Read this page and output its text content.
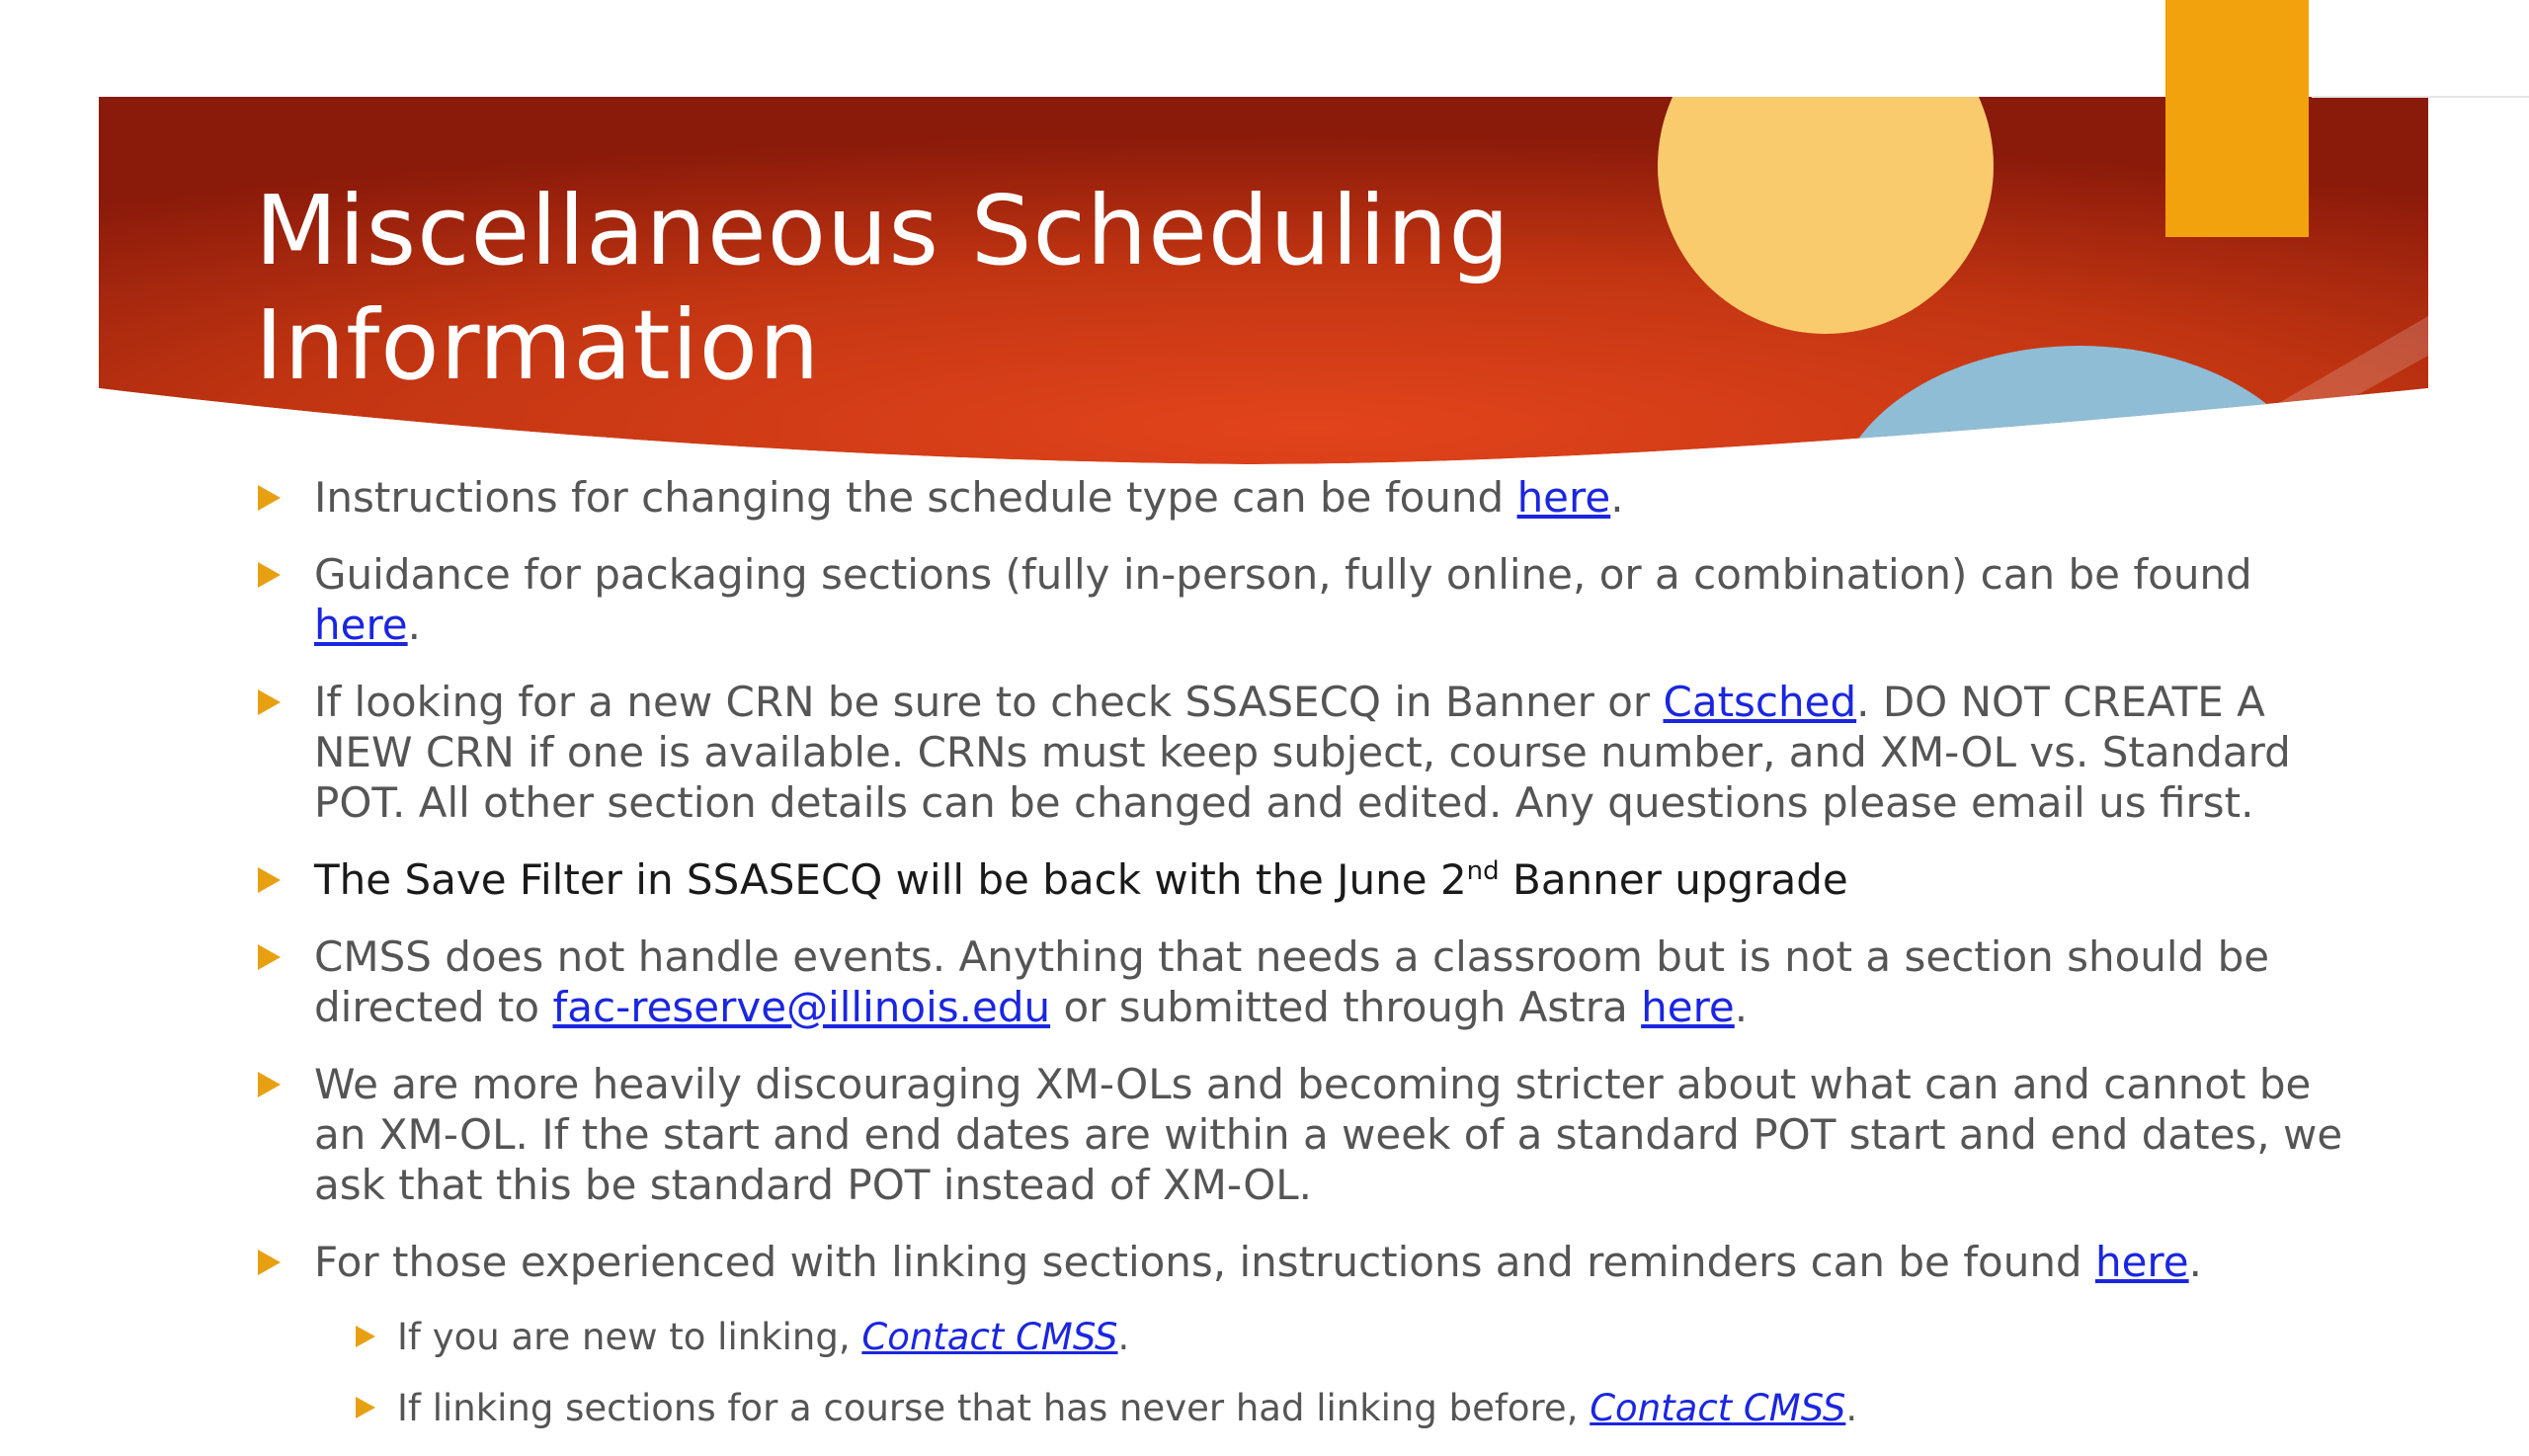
Miscellaneous Scheduling
Information
Instructions for changing the schedule type can be found here.
Guidance for packaging sections (fully in-person, fully online, or a combination) can be found here.
If looking for a new CRN be sure to check SSASECQ in Banner or Catsched. DO NOT CREATE A NEW CRN if one is available. CRNs must keep subject, course number, and XM-OL vs. Standard POT. All other section details can be changed and edited. Any questions please email us first.
The Save Filter in SSASECQ will be back with the June 2nd Banner upgrade
CMSS does not handle events. Anything that needs a classroom but is not a section should be directed to fac-reserve@illinois.edu or submitted through Astra here.
We are more heavily discouraging XM-OLs and becoming stricter about what can and cannot be an XM-OL. If the start and end dates are within a week of a standard POT start and end dates, we ask that this be standard POT instead of XM-OL.
For those experienced with linking sections, instructions and reminders can be found here.
If you are new to linking, Contact CMSS.
If linking sections for a course that has never had linking before, Contact CMSS.
